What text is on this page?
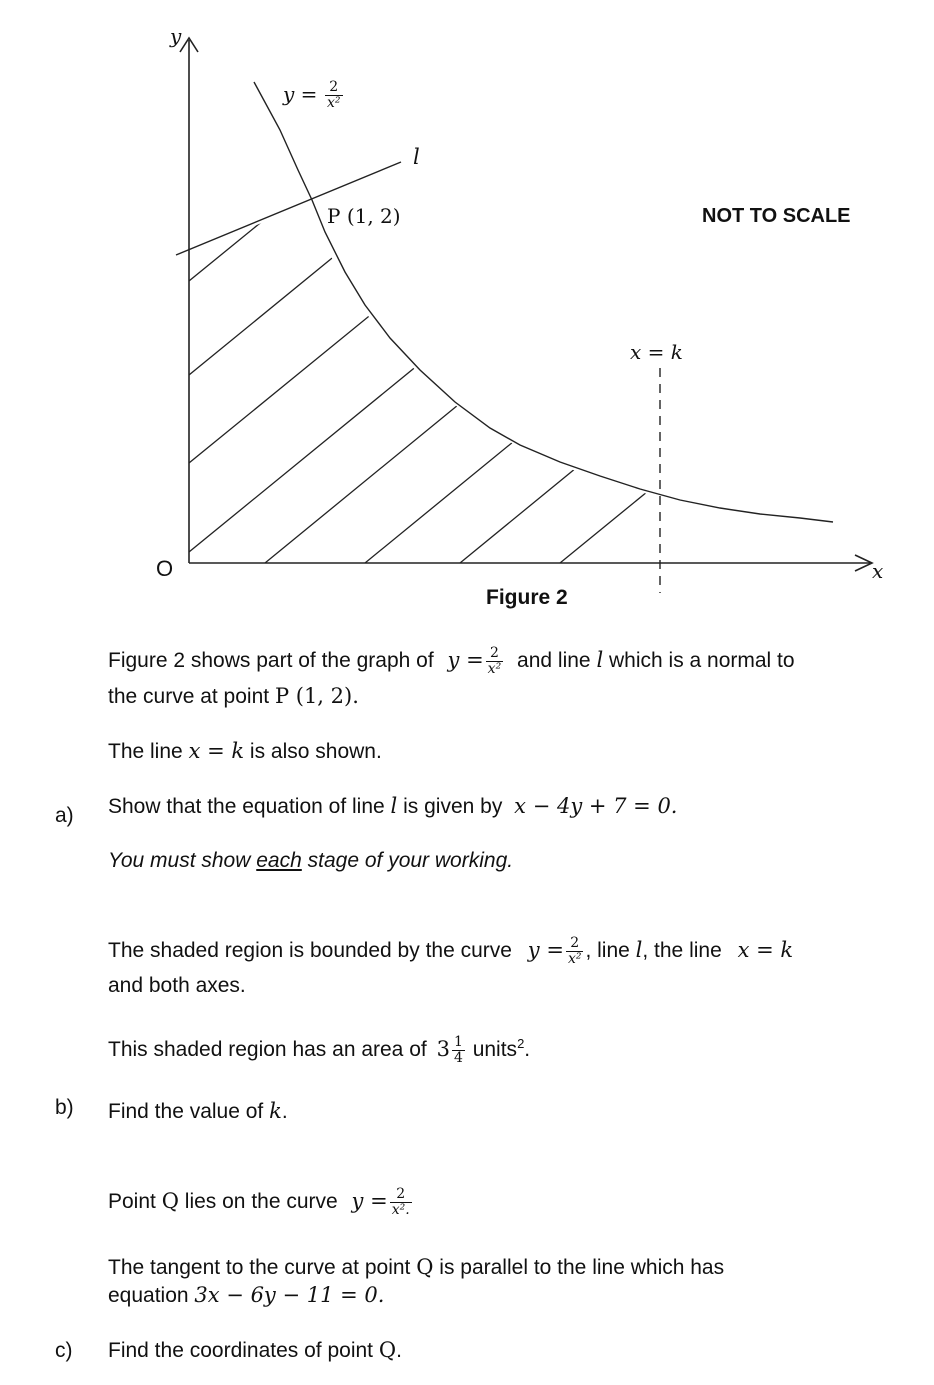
y
x
O
$y = \frac{2}{\text{x²}}$
l
P (1, 2)
x = k
NOT TO SCALE
Figure 2
Figure 2 shows part of the graph of $y = \frac{2}{\text{x²}}$ and line l which is a normal to
the curve at point P (1, 2).
The line x = k is also shown.
a) Show that the equation of line l is given by x − 4y + 7 = 0.
You must show each stage of your working.
The shaded region is bounded by the curve $y = \frac{2}{\text{x²}}$ , line l, the line x = k
and both axes.
This shaded region has an area of $3 \frac{1}{4}$ units$^2$.
b) Find the value of k.
Point Q lies on the curve $y = \frac{2}{\text{x².}}$
The tangent to the curve at point Q is parallel to the line which has
equation 3x − 6y − 11 = 0.
c) Find the coordinates of point Q.
